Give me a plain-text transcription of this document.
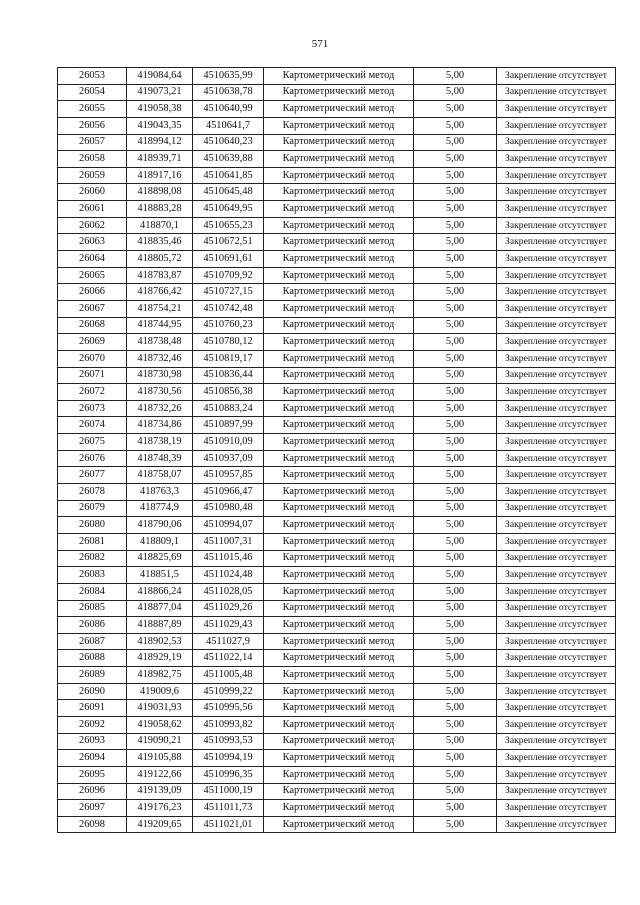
571
26053	419084,64	4510635,99	Картометрический метод	5,00	Закрепление отсутствует
26054	419073,21	4510638,78	Картометрический метод	5,00	Закрепление отсутствует
26055	419058,38	4510640,99	Картометрический метод	5,00	Закрепление отсутствует
26056	419043,35	4510641,7	Картометрический метод	5,00	Закрепление отсутствует
26057	418994,12	4510640,23	Картометрический метод	5,00	Закрепление отсутствует
26058	418939,71	4510639,88	Картометрический метод	5,00	Закрепление отсутствует
26059	418917,16	4510641,85	Картометрический метод	5,00	Закрепление отсутствует
26060	418898,08	4510645,48	Картометрический метод	5,00	Закрепление отсутствует
26061	418883,28	4510649,95	Картометрический метод	5,00	Закрепление отсутствует
26062	418870,1	4510655,23	Картометрический метод	5,00	Закрепление отсутствует
26063	418835,46	4510672,51	Картометрический метод	5,00	Закрепление отсутствует
26064	418805,72	4510691,61	Картометрический метод	5,00	Закрепление отсутствует
26065	418783,87	4510709,92	Картометрический метод	5,00	Закрепление отсутствует
26066	418766,42	4510727,15	Картометрический метод	5,00	Закрепление отсутствует
26067	418754,21	4510742,48	Картометрический метод	5,00	Закрепление отсутствует
26068	418744,95	4510760,23	Картометрический метод	5,00	Закрепление отсутствует
26069	418738,48	4510780,12	Картометрический метод	5,00	Закрепление отсутствует
26070	418732,46	4510819,17	Картометрический метод	5,00	Закрепление отсутствует
26071	418730,98	4510836,44	Картометрический метод	5,00	Закрепление отсутствует
26072	418730,56	4510856,38	Картометрический метод	5,00	Закрепление отсутствует
26073	418732,26	4510883,24	Картометрический метод	5,00	Закрепление отсутствует
26074	418734,86	4510897,99	Картометрический метод	5,00	Закрепление отсутствует
26075	418738,19	4510910,09	Картометрический метод	5,00	Закрепление отсутствует
26076	418748,39	4510937,09	Картометрический метод	5,00	Закрепление отсутствует
26077	418758,07	4510957,85	Картометрический метод	5,00	Закрепление отсутствует
26078	418763,3	4510966,47	Картометрический метод	5,00	Закрепление отсутствует
26079	418774,9	4510980,48	Картометрический метод	5,00	Закрепление отсутствует
26080	418790,06	4510994,07	Картометрический метод	5,00	Закрепление отсутствует
26081	418809,1	4511007,31	Картометрический метод	5,00	Закрепление отсутствует
26082	418825,69	4511015,46	Картометрический метод	5,00	Закрепление отсутствует
26083	418851,5	4511024,48	Картометрический метод	5,00	Закрепление отсутствует
26084	418866,24	4511028,05	Картометрический метод	5,00	Закрепление отсутствует
26085	418877,04	4511029,26	Картометрический метод	5,00	Закрепление отсутствует
26086	418887,89	4511029,43	Картометрический метод	5,00	Закрепление отсутствует
26087	418902,53	4511027,9	Картометрический метод	5,00	Закрепление отсутствует
26088	418929,19	4511022,14	Картометрический метод	5,00	Закрепление отсутствует
26089	418982,75	4511005,48	Картометрический метод	5,00	Закрепление отсутствует
26090	419009,6	4510999,22	Картометрический метод	5,00	Закрепление отсутствует
26091	419031,93	4510995,56	Картометрический метод	5,00	Закрепление отсутствует
26092	419058,62	4510993,82	Картометрический метод	5,00	Закрепление отсутствует
26093	419090,21	4510993,53	Картометрический метод	5,00	Закрепление отсутствует
26094	419105,88	4510994,19	Картометрический метод	5,00	Закрепление отсутствует
26095	419122,66	4510996,35	Картометрический метод	5,00	Закрепление отсутствует
26096	419139,09	4511000,19	Картометрический метод	5,00	Закрепление отсутствует
26097	419176,23	4511011,73	Картометрический метод	5,00	Закрепление отсутствует
26098	419209,65	4511021,01	Картометрический метод	5,00	Закрепление отсутствует
